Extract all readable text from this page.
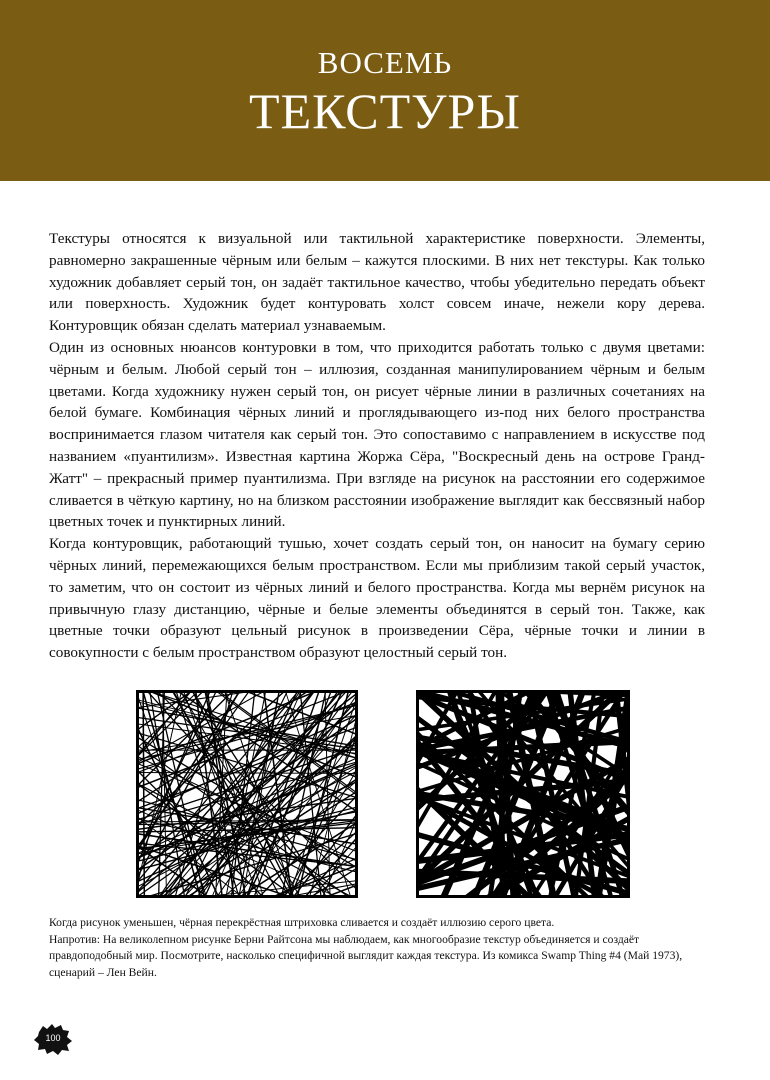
ВОСЕМЬ
ТЕКСТУРЫ

Текстуры относятся к визуальной или тактильной характеристике поверхности. Элементы, равномерно закрашенные чёрным или белым – кажутся плоскими. В них нет текстуры. Как только художник добавляет серый тон, он задаёт тактильное качество, чтобы убедительно передать объект или поверхность. Художник будет контуровать холст совсем иначе, нежели кору дерева. Контуровщик обязан сделать материал узнаваемым.

Один из основных нюансов контуровки в том, что приходится работать только с двумя цветами: чёрным и белым. Любой серый тон – иллюзия, созданная манипулированием чёрным и белым цветами. Когда художнику нужен серый тон, он рисует чёрные линии в различных сочетаниях на белой бумаге. Комбинация чёрных линий и проглядывающего из-под них белого пространства воспринимается глазом читателя как серый тон. Это сопоставимо с направлением в искусстве под названием «пуантилизм». Известная картина Жоржа Сёра, "Воскресный день на острове Гранд-Жатт" – прекрасный пример пуантилизма. При взгляде на рисунок на расстоянии его содержимое сливается в чёткую картину, но на близком расстоянии изображение выглядит как бессвязный набор цветных точек и пунктирных линий.

Когда контуровщик, работающий тушью, хочет создать серый тон, он наносит на бумагу серию чёрных линий, перемежающихся белым пространством. Если мы приблизим такой серый участок, то заметим, что он состоит из чёрных линий и белого пространства. Когда мы вернём рисунок на привычную глазу дистанцию, чёрные и белые элементы объединятся в серый тон. Также, как цветные точки образуют цельный рисунок в произведении Сёра, чёрные точки и линии в совокупности с белым пространством образуют целостный серый тон.

Когда рисунок уменьшен, чёрная перекрёстная штриховка сливается и создаёт иллюзию серого цвета.

Напротив: На великолепном рисунке Берни Райтсона мы наблюдаем, как многообразие текстур объединяется и создаёт правдоподобный мир. Посмотрите, насколько специфичной выглядит каждая текстура. Из комикса Swamp Thing #4 (Май 1973), сценарий – Лен Вейн.

100
